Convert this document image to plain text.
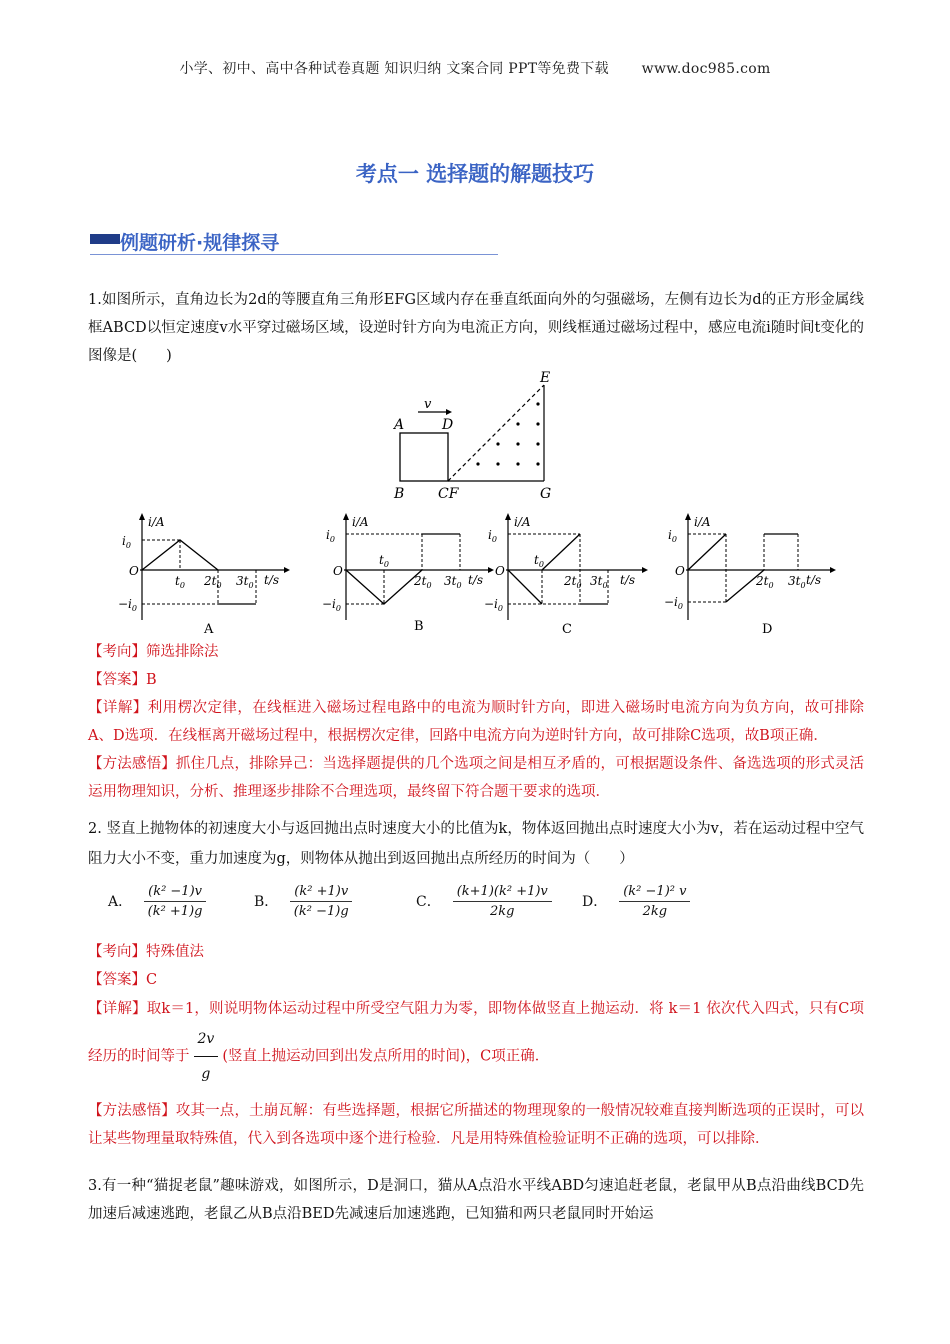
小学、初中、高中各种试卷真题 知识归纳 文案合同 PPT等免费下载 www.doc985.com
考点一 选择题的解题技巧
例题研析·规律探寻
1.如图所示，直角边长为2d的等腰直角三角形EFG区域内存在垂直纸面向外的匀强磁场，左侧有边长为d的正方形金属线框ABCD以恒定速度v水平穿过磁场区域，设逆时针方向为电流正方向，则线框通过磁场过程中，感应电流i随时间t变化的图像是(　　)
v
A	D
B CF
E
G
i/A
t/s
O
$i_0$
$-i_0$
$t_0$ $2t_0$ $3t_0$
A
i/A
t/s
O
$i_0$
$-i_0$
$t_0$
$2t_0$ $3t_0$
B
i/A
t/s
O
$i_0$
$-i_0$
$t_0$
$2t_0$ $3t_0$
C
i/A
t/s
O
$i_0$
$-i_0$
$2t_0$ $3t_0$
D
【考向】筛选排除法
【答案】B
【详解】利用楞次定律，在线框进入磁场过程电路中的电流为顺时针方向，即进入磁场时电流方向为负方向，故可排除A、D选项．在线框离开磁场过程中，根据楞次定律，回路中电流方向为逆时针方向，故可排除C选项，故B项正确．
【方法感悟】抓住几点，排除异己：当选择题提供的几个选项之间是相互矛盾的，可根据题设条件、备选选项的形式灵活运用物理知识，分析、推理逐步排除不合理选项，最终留下符合题干要求的选项．
2. 竖直上抛物体的初速度大小与返回抛出点时速度大小的比值为k，物体返回抛出点时速度大小为v，若在运动过程中空气阻力大小不变，重力加速度为g，则物体从抛出到返回抛出点所经历的时间为（　　）
A． $\frac{\text{(k² −1)v}}{\text{(k² +1)g}}$	B． $\frac{\text{(k² +1)v}}{\text{(k² −1)g}}$	C． $\frac{\text{(k+1)(k² +1)v}}{2kg}$ D． $\frac{\text{(k² −1)² v}}{2kg}$
【考向】特殊值法
【答案】C
【详解】取k＝1，则说明物体运动过程中所受空气阻力为零，即物体做竖直上抛运动．将 k＝1 依次代入四式，只有C项经历的时间等于 $\frac{2v}{g}$ (竖直上抛运动回到出发点所用的时间)，C项正确．
【方法感悟】攻其一点，土崩瓦解：有些选择题，根据它所描述的物理现象的一般情况较难直接判断选项的正误时，可以让某些物理量取特殊值，代入到各选项中逐个进行检验．凡是用特殊值检验证明不正确的选项，可以排除．
3.有一种“猫捉老鼠”趣味游戏，如图所示，D是洞口，猫从A点沿水平线ABD匀速追赶老鼠，老鼠甲从B点沿曲线BCD先加速后减速逃跑，老鼠乙从B点沿BED先减速后加速逃跑，已知猫和两只老鼠同时开始运
